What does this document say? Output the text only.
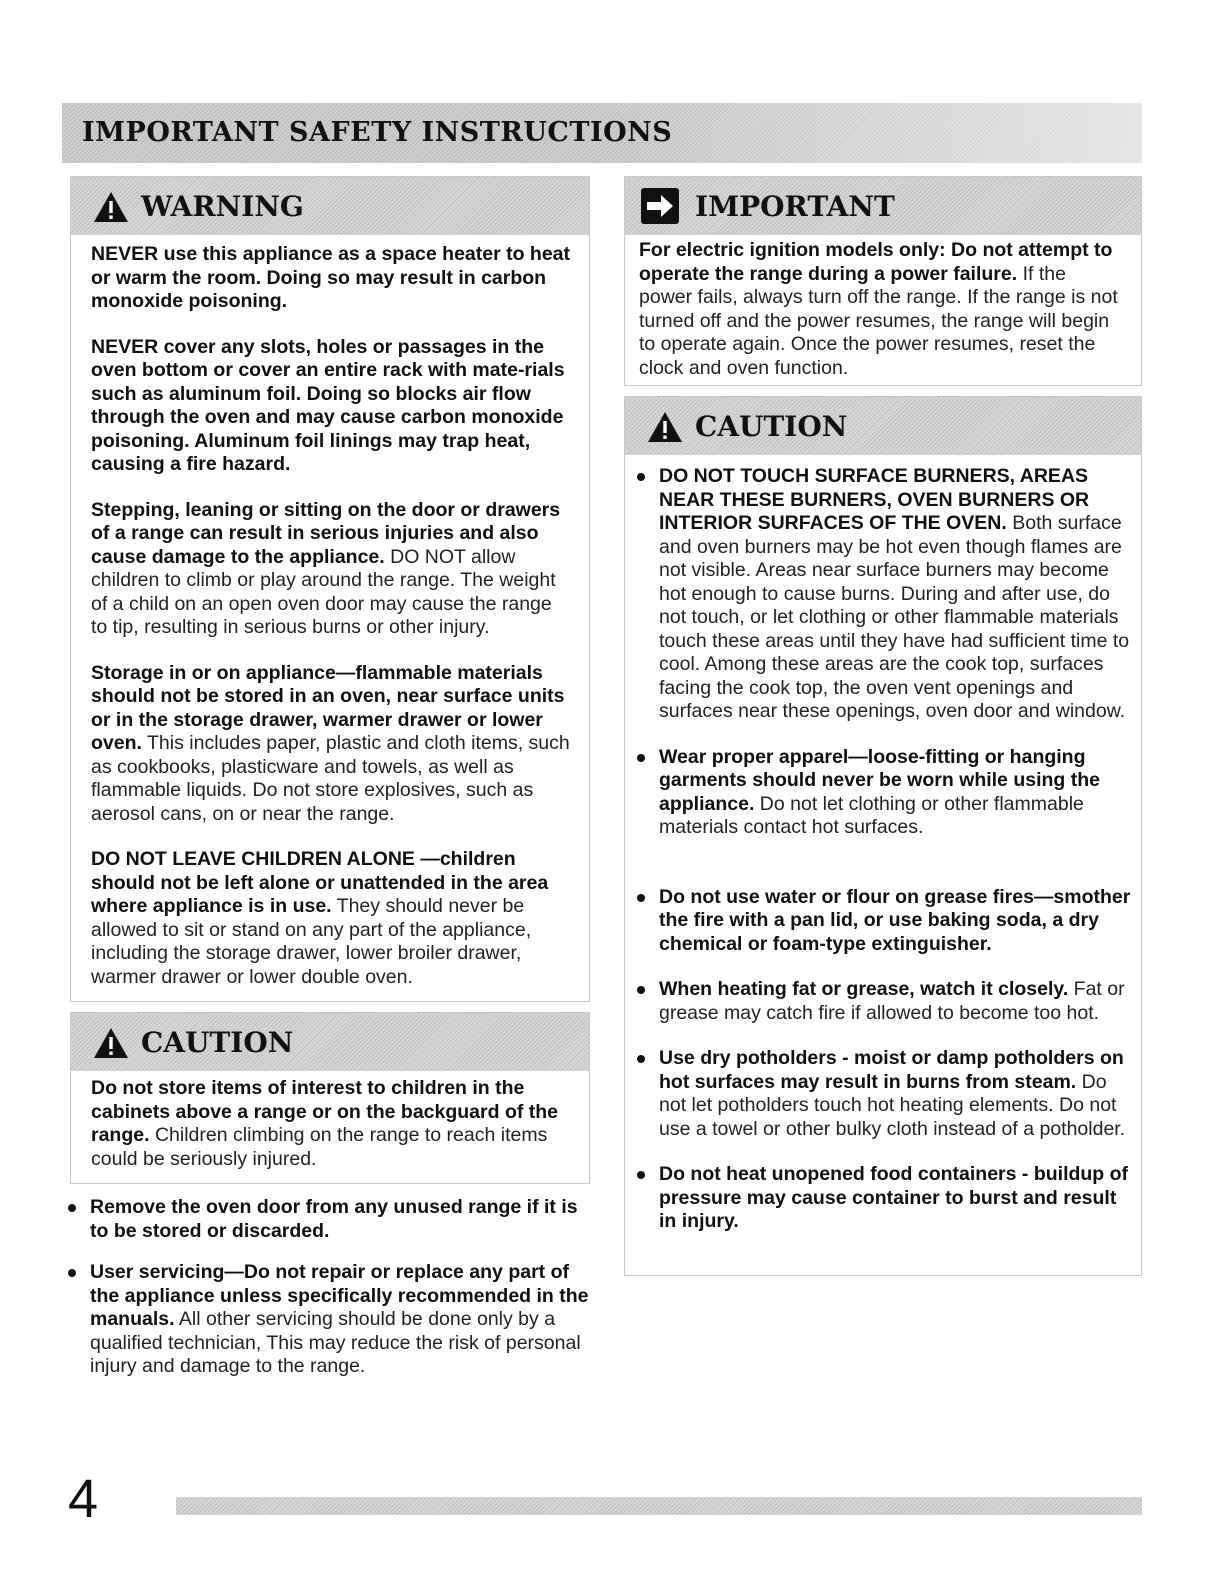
IMPORTANT SAFETY INSTRUCTIONS
WARNING

NEVER use this appliance as a space heater to heat or warm the room. Doing so may result in carbon monoxide poisoning.

NEVER cover any slots, holes or passages in the oven bottom or cover an entire rack with mate-rials such as aluminum foil. Doing so blocks air flow through the oven and may cause carbon monoxide poisoning. Aluminum foil linings may trap heat, causing a fire hazard.

Stepping, leaning or sitting on the door or drawers of a range can result in serious injuries and also cause damage to the appliance. DO NOT allow children to climb or play around the range. The weight of a child on an open oven door may cause the range to tip, resulting in serious burns or other injury.

Storage in or on appliance—flammable materials should not be stored in an oven, near surface units or in the storage drawer, warmer drawer or lower oven. This includes paper, plastic and cloth items, such as cookbooks, plasticware and towels, as well as flammable liquids. Do not store explosives, such as aerosol cans, on or near the range.

DO NOT LEAVE CHILDREN ALONE —children should not be left alone or unattended in the area where appliance is in use. They should never be allowed to sit or stand on any part of the appliance, including the storage drawer, lower broiler drawer, warmer drawer or lower double oven.

CAUTION

Do not store items of interest to children in the cabinets above a range or on the backguard of the range. Children climbing on the range to reach items could be seriously injured.

Remove the oven door from any unused range if it is to be stored or discarded.
User servicing—Do not repair or replace any part of the appliance unless specifically recommended in the manuals. All other servicing should be done only by a qualified technician, This may reduce the risk of personal injury and damage to the range.
IMPORTANT

For electric ignition models only: Do not attempt to operate the range during a power failure. If the power fails, always turn off the range. If the range is not turned off and the power resumes, the range will begin to operate again. Once the power resumes, reset the clock and oven function.

CAUTION
DO NOT TOUCH SURFACE BURNERS, AREAS NEAR THESE BURNERS, OVEN BURNERS OR INTERIOR SURFACES OF THE OVEN. Both surface and oven burners may be hot even though flames are not visible. Areas near surface burners may become hot enough to cause burns. During and after use, do not touch, or let clothing or other flammable materials touch these areas until they have had sufficient time to cool. Among these areas are the cook top, surfaces facing the cook top, the oven vent openings and surfaces near these openings, oven door and window.
Wear proper apparel—loose-fitting or hanging garments should never be worn while using the appliance. Do not let clothing or other flammable materials contact hot surfaces.
Do not use water or flour on grease fires—smother the fire with a pan lid, or use baking soda, a dry chemical or foam-type extinguisher.
When heating fat or grease, watch it closely. Fat or grease may catch fire if allowed to become too hot.
Use dry potholders - moist or damp potholders on hot surfaces may result in burns from steam. Do not let potholders touch hot heating elements. Do not use a towel or other bulky cloth instead of a potholder.
Do not heat unopened food containers - buildup of pressure may cause container to burst and result in injury.
4
